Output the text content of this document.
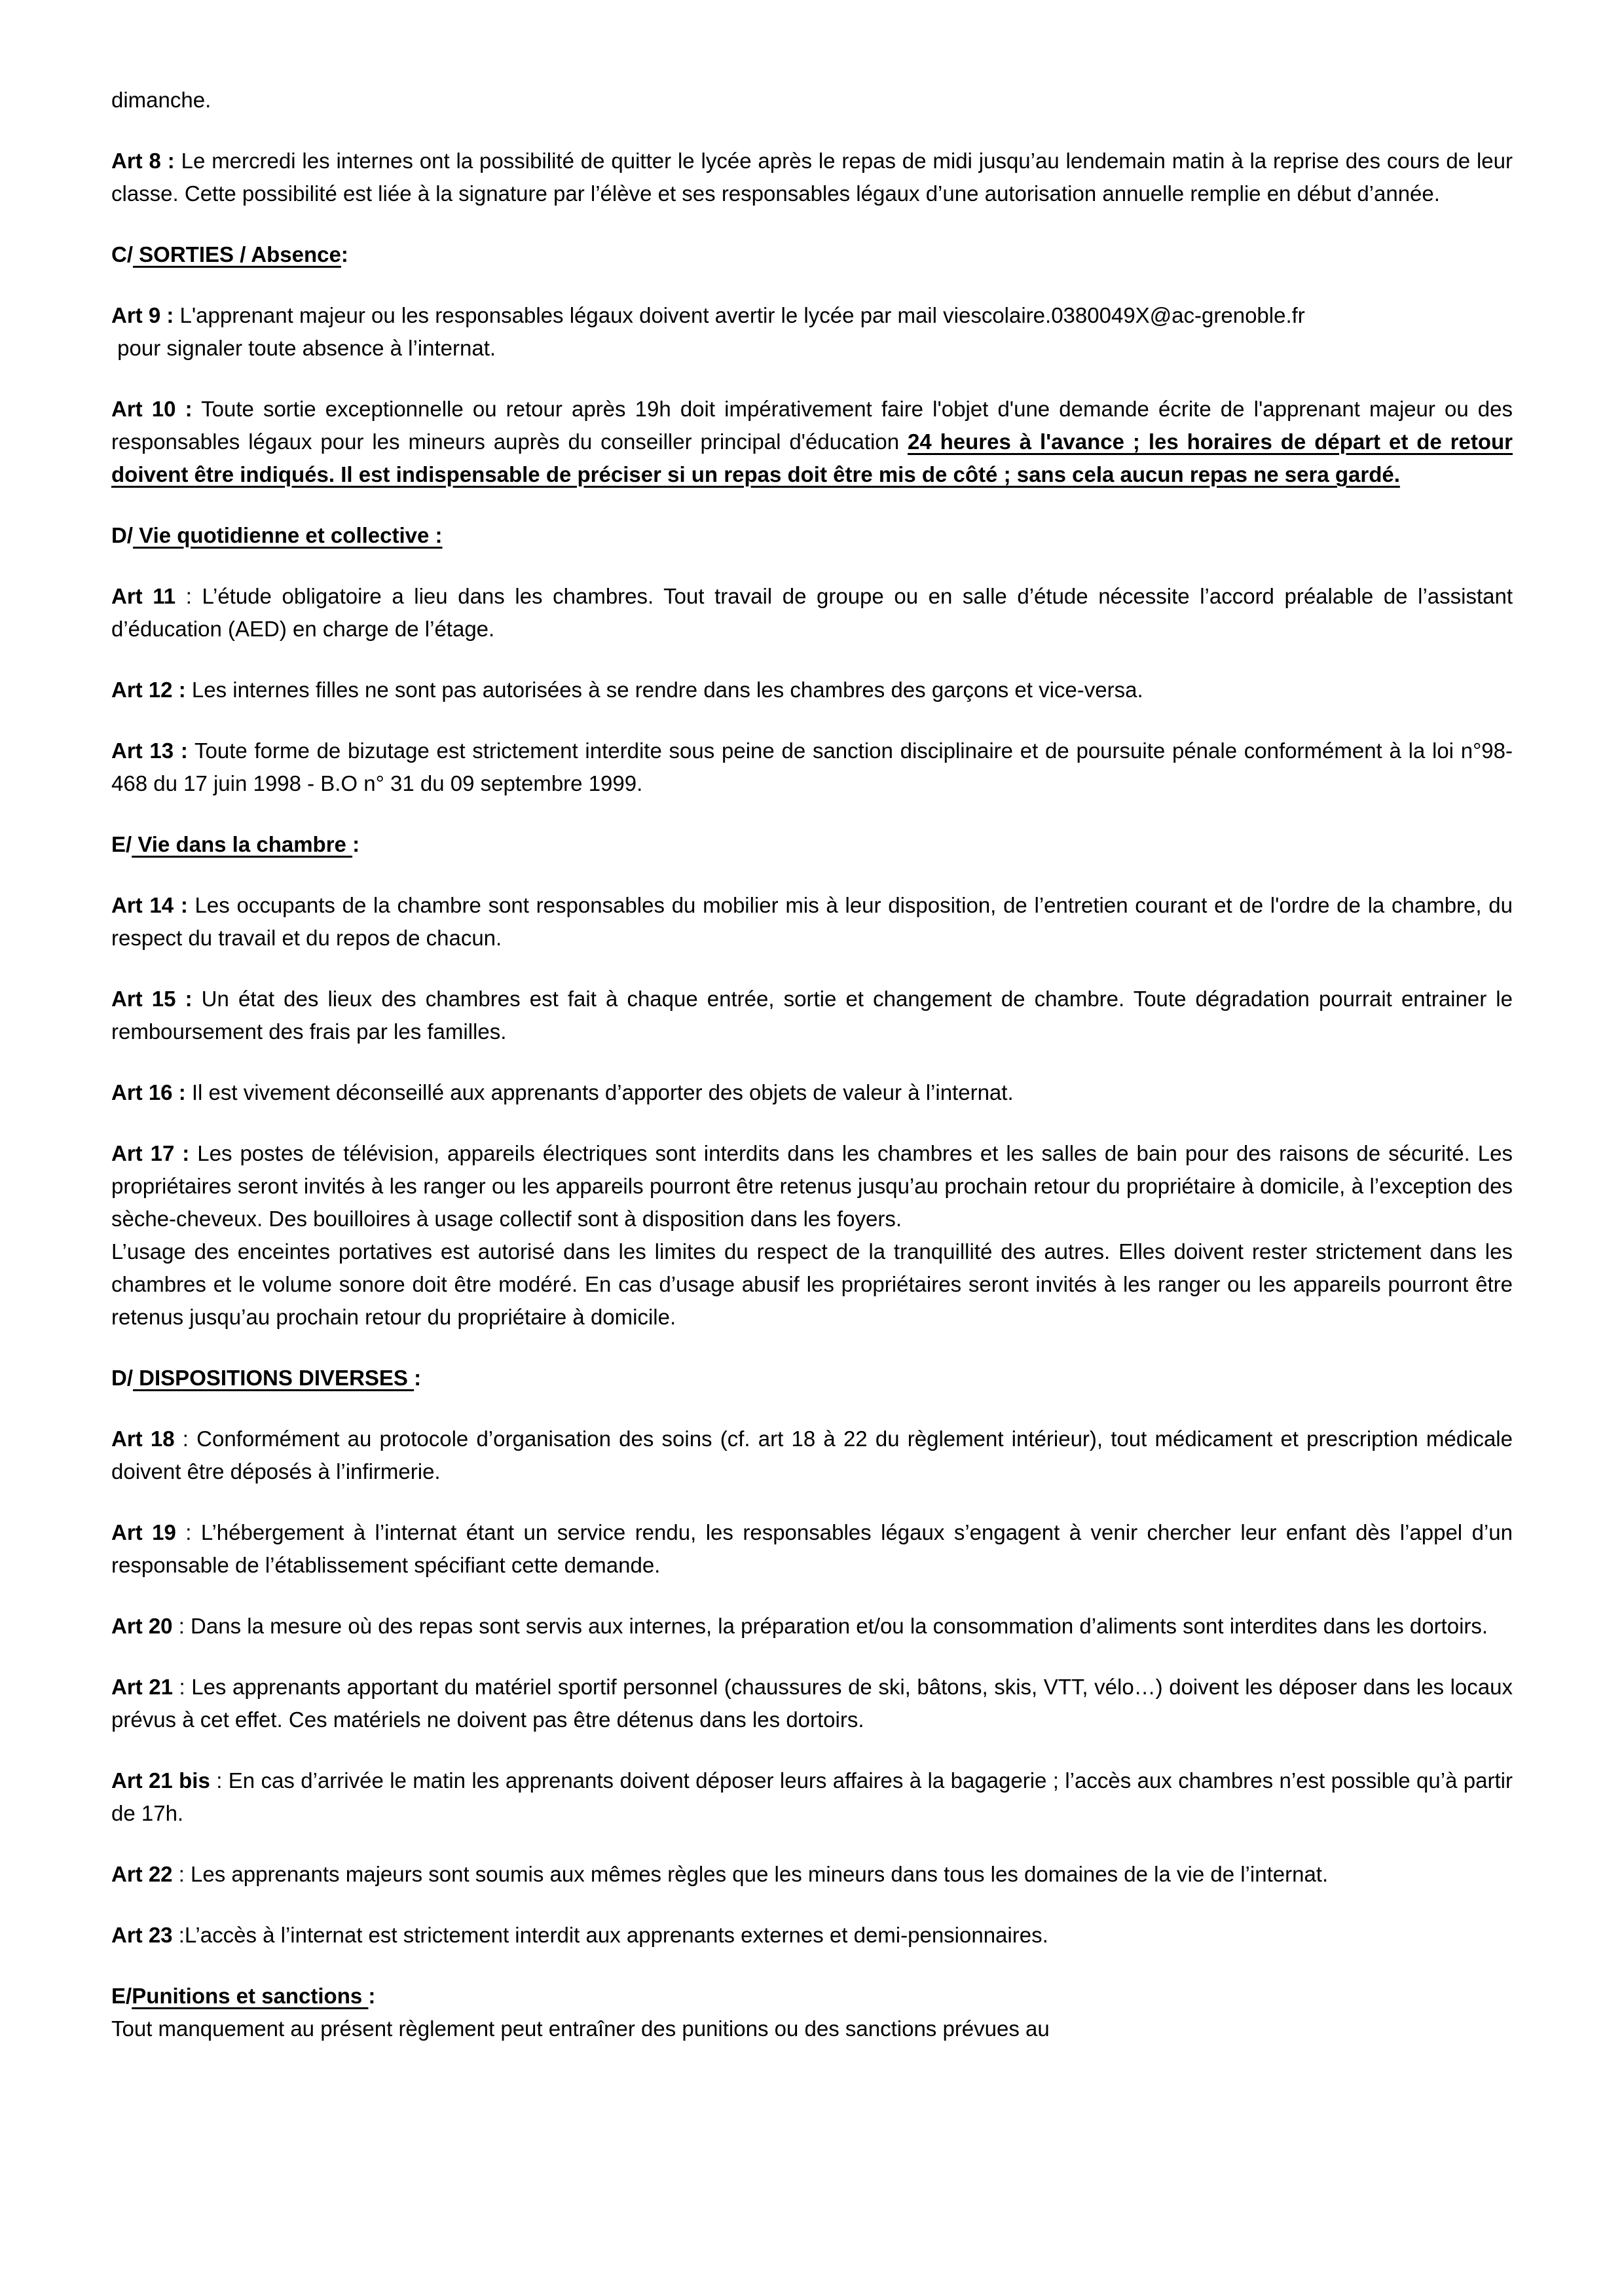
dimanche.

Art 8 : Le mercredi les internes ont la possibilité de quitter le lycée après le repas de midi jusqu’au lendemain matin à la reprise des cours de leur classe. Cette possibilité est liée à la signature par l’élève et ses responsables légaux d’une autorisation annuelle remplie en début d’année.

C/ SORTIES / Absence:

Art 9 : L'apprenant majeur ou les responsables légaux doivent avertir le lycée par mail viescolaire.0380049X@ac-grenoble.fr
pour signaler toute absence à l’internat.

Art 10 : Toute sortie exceptionnelle ou retour après 19h doit impérativement faire l'objet d'une demande écrite de l'apprenant majeur ou des responsables légaux pour les mineurs auprès du conseiller principal d'éducation 24 heures à l'avance ; les horaires de départ et de retour doivent être indiqués. Il est indispensable de préciser si un repas doit être mis de côté ; sans cela aucun repas ne sera gardé.

D/ Vie quotidienne et collective :

Art 11 : L’étude obligatoire a lieu dans les chambres. Tout travail de groupe ou en salle d’étude nécessite l’accord préalable de l’assistant d’éducation (AED) en charge de l’étage.

Art 12 : Les internes filles ne sont pas autorisées à se rendre dans les chambres des garçons et vice-versa.

Art 13 : Toute forme de bizutage est strictement interdite sous peine de sanction disciplinaire et de poursuite pénale conformément à la loi n°98-468 du 17 juin 1998 - B.O n° 31 du 09 septembre 1999.

E/ Vie dans la chambre :

Art 14 : Les occupants de la chambre sont responsables du mobilier mis à leur disposition, de l’entretien courant et de l'ordre de la chambre, du respect du travail et du repos de chacun.

Art 15 : Un état des lieux des chambres est fait à chaque entrée, sortie et changement de chambre. Toute dégradation pourrait entrainer le remboursement des frais par les familles.

Art 16 : Il est vivement déconseillé aux apprenants d’apporter des objets de valeur à l’internat.

Art 17 : Les postes de télévision, appareils électriques sont interdits dans les chambres et les salles de bain pour des raisons de sécurité. Les propriétaires seront invités à les ranger ou les appareils pourront être retenus jusqu’au prochain retour du propriétaire à domicile, à l’exception des sèche-cheveux. Des bouilloires à usage collectif sont à disposition dans les foyers.
L’usage des enceintes portatives est autorisé dans les limites du respect de la tranquillité des autres. Elles doivent rester strictement dans les chambres et le volume sonore doit être modéré. En cas d’usage abusif les propriétaires seront invités à les ranger ou les appareils pourront être retenus jusqu’au prochain retour du propriétaire à domicile.

D/ DISPOSITIONS DIVERSES :

Art 18 : Conformément au protocole d’organisation des soins (cf. art 18 à 22 du règlement intérieur), tout médicament et prescription médicale doivent être déposés à l’infirmerie.

Art 19 : L’hébergement à l’internat étant un service rendu, les responsables légaux s’engagent à venir chercher leur enfant dès l’appel d’un responsable de l’établissement spécifiant cette demande.

Art 20 : Dans la mesure où des repas sont servis aux internes, la préparation et/ou la consommation d’aliments sont interdites dans les dortoirs.

Art 21 : Les apprenants apportant du matériel sportif personnel (chaussures de ski, bâtons, skis, VTT, vélo…) doivent les déposer dans les locaux prévus à cet effet. Ces matériels ne doivent pas être détenus dans les dortoirs.

Art 21 bis : En cas d’arrivée le matin les apprenants doivent déposer leurs affaires à la bagagerie ; l’accès aux chambres n’est possible qu’à partir de 17h.

Art 22 : Les apprenants majeurs sont soumis aux mêmes règles que les mineurs dans tous les domaines de la vie de l’internat.

Art 23 :L’accès à l’internat est strictement interdit aux apprenants externes et demi-pensionnaires.

E/Punitions et sanctions :

Tout manquement au présent règlement peut entraîner des punitions ou des sanctions prévues au
